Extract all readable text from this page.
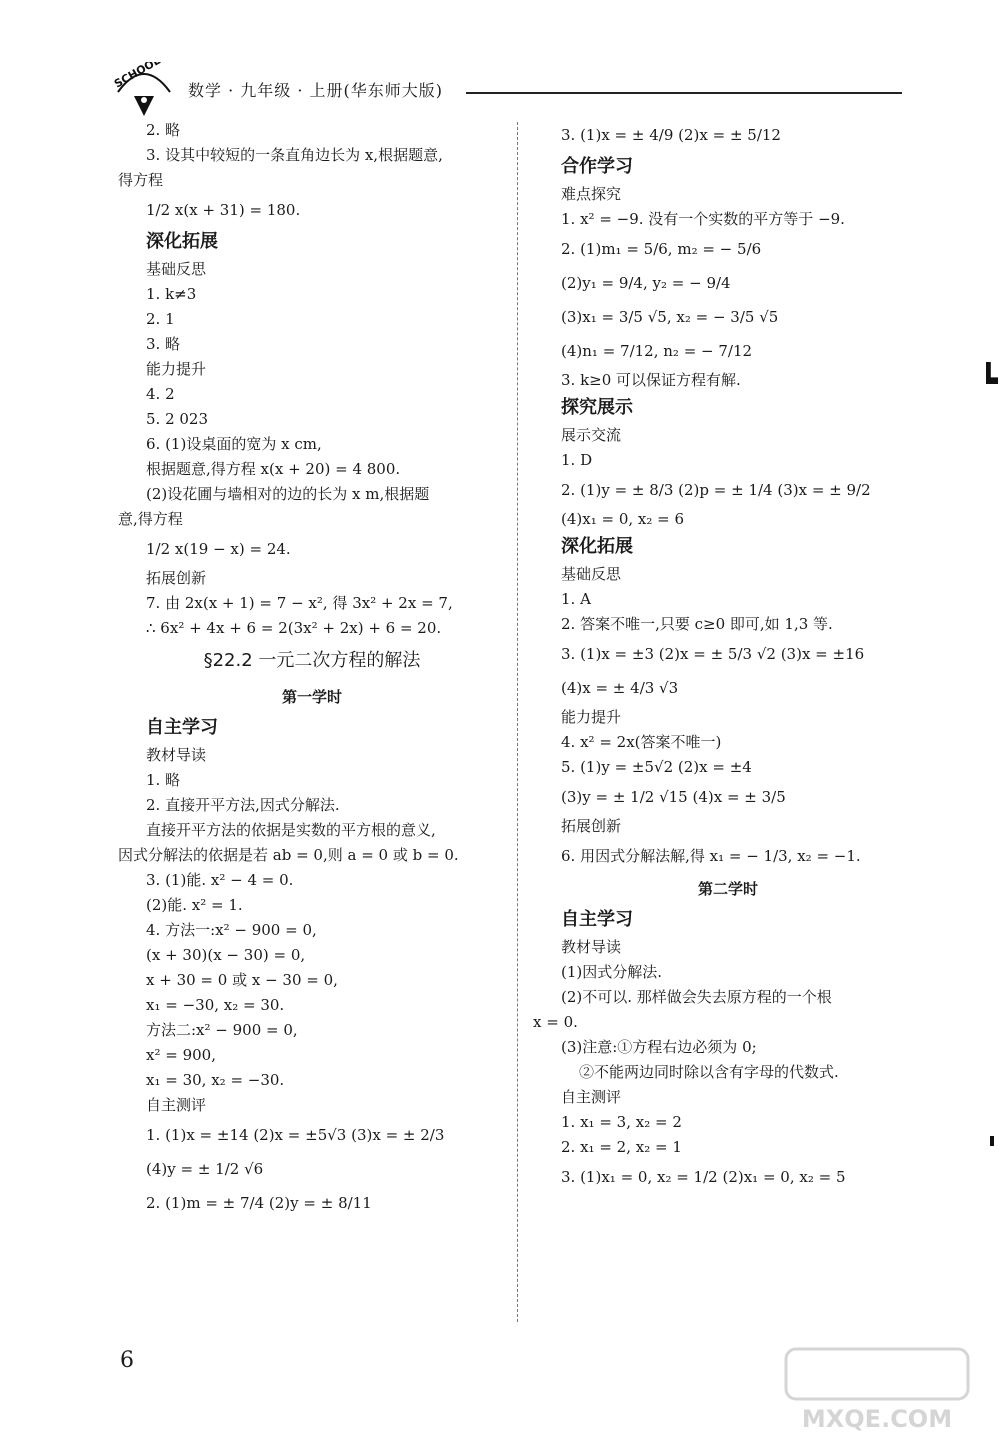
SCHOOL 数学 · 九年级 · 上册(华东师大版)
2. 略
3. 设其中较短的一条直角边长为 x,根据题意,
得方程
1/2 x(x + 31) = 180.
深化拓展
基础反思
1. k≠3
2. 1
3. 略
能力提升
4. 2
5. 2 023
6. (1)设桌面的宽为 x cm,
根据题意,得方程 x(x + 20) = 4 800.
(2)设花圃与墙相对的边的长为 x m,根据题
意,得方程
1/2 x(19 − x) = 24.
拓展创新
7. 由 2x(x + 1) = 7 − x², 得 3x² + 2x = 7,
∴ 6x² + 4x + 6 = 2(3x² + 2x) + 6 = 20.
§22.2 一元二次方程的解法
第一学时
自主学习
教材导读
1. 略
2. 直接开平方法,因式分解法.
直接开平方法的依据是实数的平方根的意义,
因式分解法的依据是若 ab = 0,则 a = 0 或 b = 0.
3. (1)能. x² − 4 = 0.
(2)能. x² = 1.
4. 方法一:x² − 900 = 0,
(x + 30)(x − 30) = 0,
x + 30 = 0 或 x − 30 = 0,
x₁ = −30, x₂ = 30.
方法二:x² − 900 = 0,
x² = 900,
x₁ = 30, x₂ = −30.
自主测评
1. (1)x = ±14 (2)x = ±5√3 (3)x = ± 2/3
(4)y = ± 1/2 √6
2. (1)m = ± 7/4 (2)y = ± 8/11
3. (1)x = ± 4/9 (2)x = ± 5/12
合作学习
难点探究
1. x² = −9. 没有一个实数的平方等于 −9.
2. (1)m₁ = 5/6, m₂ = − 5/6
(2)y₁ = 9/4, y₂ = − 9/4
(3)x₁ = 3/5 √5, x₂ = − 3/5 √5
(4)n₁ = 7/12, n₂ = − 7/12
3. k≥0 可以保证方程有解.
探究展示
展示交流
1. D
2. (1)y = ± 8/3 (2)p = ± 1/4 (3)x = ± 9/2
(4)x₁ = 0, x₂ = 6
深化拓展
基础反思
1. A
2. 答案不唯一,只要 c≥0 即可,如 1,3 等.
3. (1)x = ±3 (2)x = ± 5/3 √2 (3)x = ±16
(4)x = ± 4/3 √3
能力提升
4. x² = 2x(答案不唯一)
5. (1)y = ±5√2 (2)x = ±4
(3)y = ± 1/2 √15 (4)x = ± 3/5
拓展创新
6. 用因式分解法解,得 x₁ = − 1/3, x₂ = −1.
第二学时
自主学习
教材导读
(1)因式分解法.
(2)不可以. 那样做会失去原方程的一个根
x = 0.
(3)注意:①方程右边必须为 0;
②不能两边同时除以含有字母的代数式.
自主测评
1. x₁ = 3, x₂ = 2
2. x₁ = 2, x₂ = 1
3. (1)x₁ = 0, x₂ = 1/2 (2)x₁ = 0, x₂ = 5
6
MXQE.COM
